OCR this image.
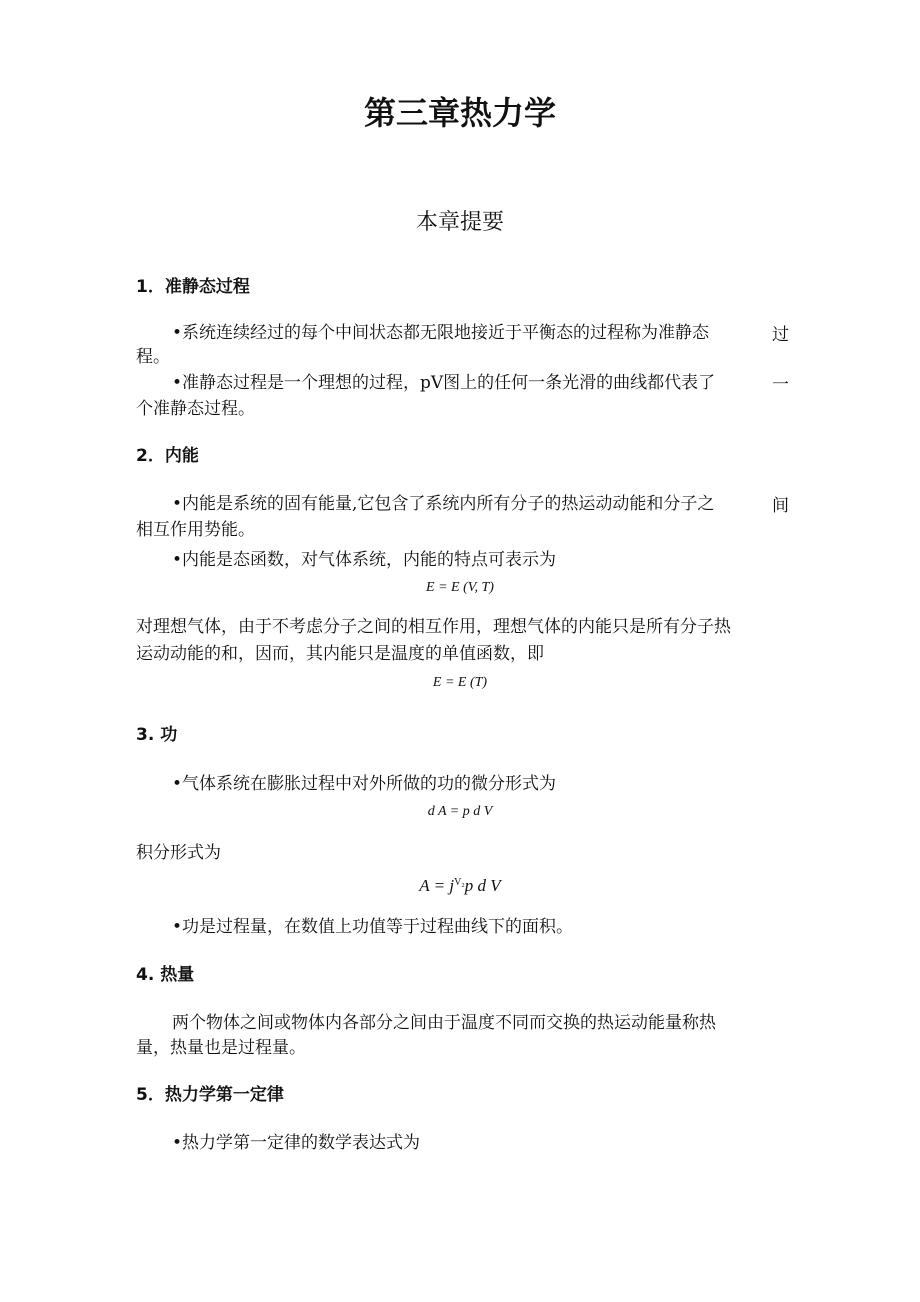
第三章热力学
本章提要
1．准静态过程
•系统连续经过的每个中间状态都无限地接近于平衡态的过程称为准静态	过
程。
•准静态过程是一个理想的过程，pV图上的任何一条光滑的曲线都代表了	一
个准静态过程。
2．内能
•内能是系统的固有能量,它包含了系统内所有分子的热运动动能和分子之	间
相互作用势能。
•内能是态函数，对气体系统，内能的特点可表示为
E = E (V, T)
对理想气体，由于不考虑分子之间的相互作用，理想气体的内能只是所有分子热
运动动能的和，因而，其内能只是温度的单值函数，即
E = E (T)
3. 功
•气体系统在膨胀过程中对外所做的功的微分形式为
d A = p d V
积分形式为
$A = j^{V_2}p$ d V
•功是过程量，在数值上功值等于过程曲线下的面积。
4. 热量
两个物体之间或物体内各部分之间由于温度不同而交换的热运动能量称热
量，热量也是过程量。
5．热力学第一定律
•热力学第一定律的数学表达式为
